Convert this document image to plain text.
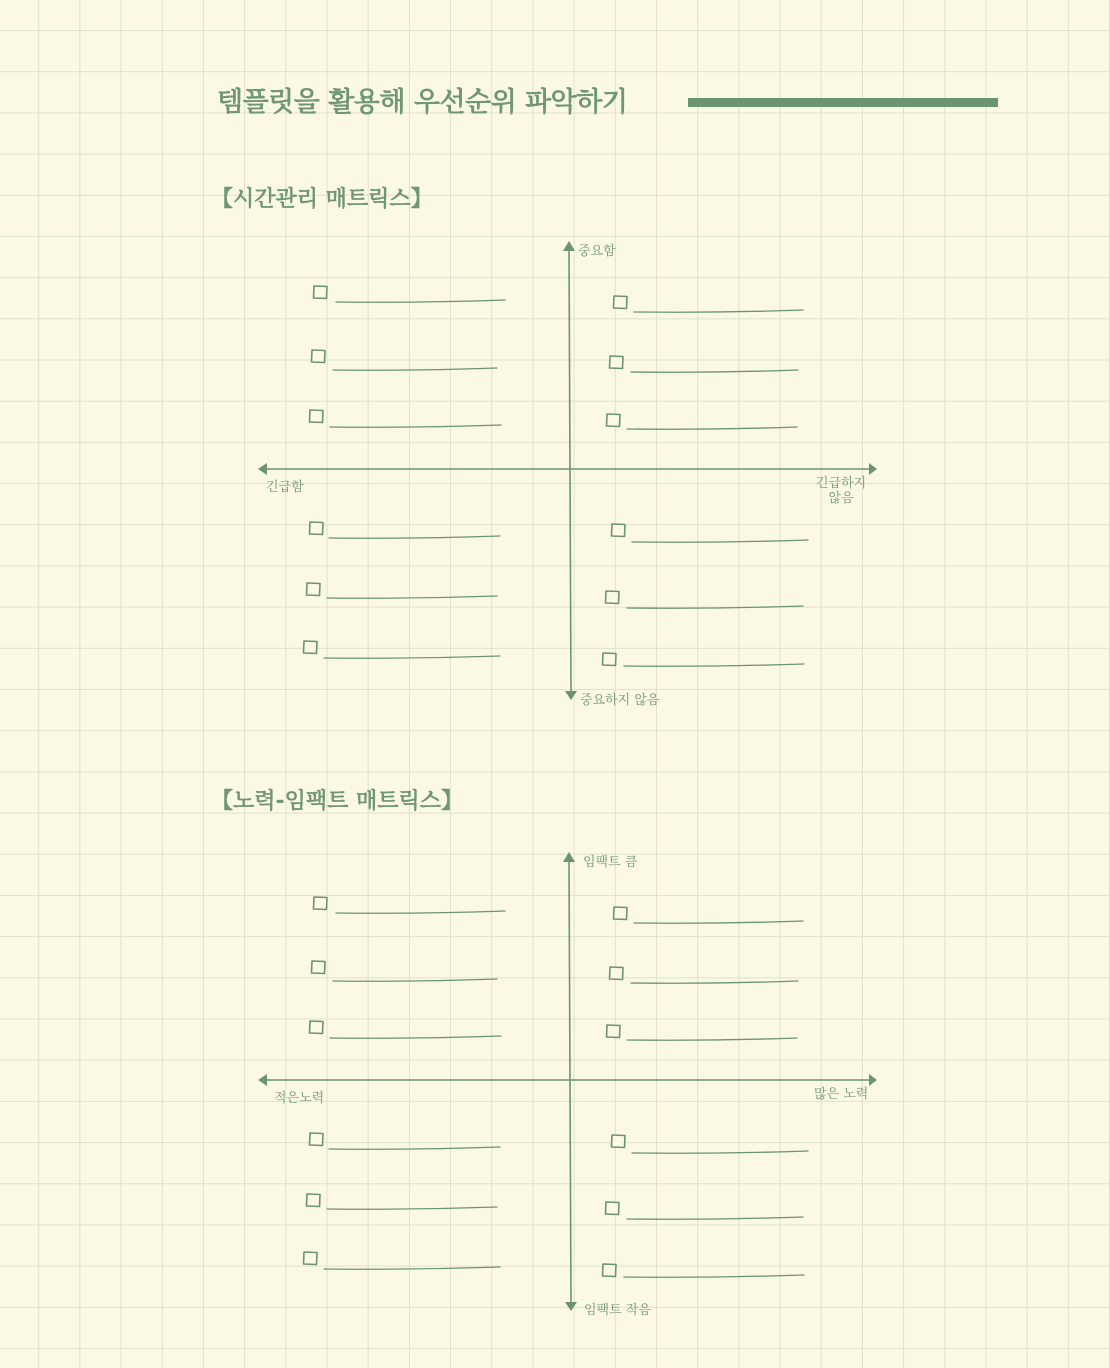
템플릿을 활용해 우선순위 파악하기
【시간관리 매트릭스】
중요함
중요하지 않음
긴급함	긴급하지
않음
【노력-임팩트 매트릭스】
임팩트 큼
임팩트 작음
적은노력	많은 노력
